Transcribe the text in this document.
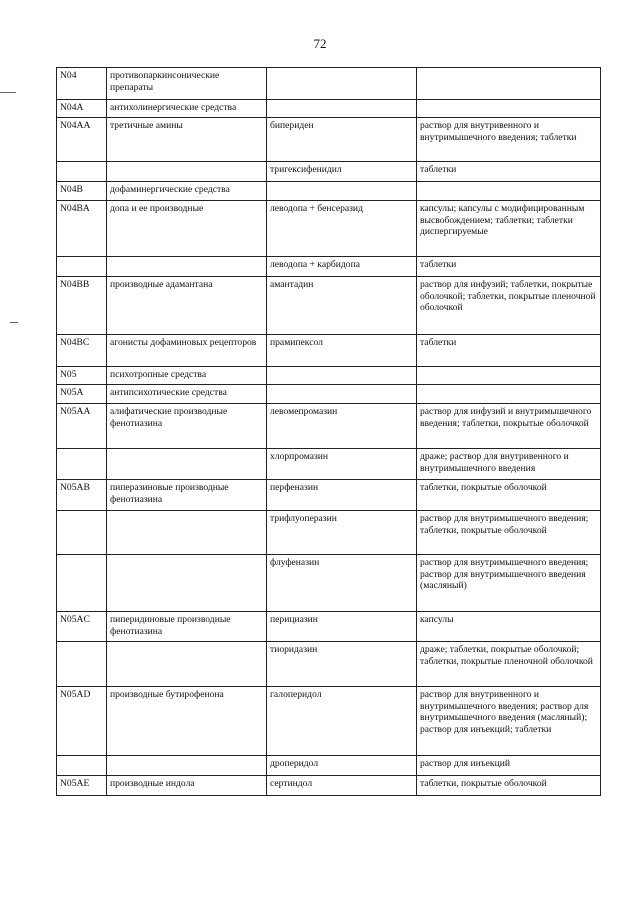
72
N04	противопаркинсонические препараты		
N04A	антихолинергические средства		
N04AA	третичные амины	бипериден	раствор для внутривенного и внутримышечного введения; таблетки
		тригексифенидил	таблетки
N04B	дофаминергические средства		
N04BA	допа и ее производные	леводопа + бенсеразид	капсулы; капсулы с модифицированным высвобождением; таблетки; таблетки диспергируемые
		леводопа + карбидопа	таблетки
N04BB	производные адамантана	амантадин	раствор для инфузий; таблетки, покрытые оболочкой; таблетки, покрытые пленочной оболочкой
N04BC	агонисты дофаминовых рецепторов	прамипексол	таблетки
N05	психотропные средства		
N05A	антипсихотические средства		
N05AA	алифатические производные фенотиазина	левомепромазин	раствор для инфузий и внутримышечного введения; таблетки, покрытые оболочкой
		хлорпромазин	драже; раствор для внутривенного и внутримышечного введения
N05AB	пиперазиновые производные фенотиазина	перфеназин	таблетки, покрытые оболочкой
		трифлуоперазин	раствор для внутримышечного введения; таблетки, покрытые оболочкой
		флуфеназин	раствор для внутримышечного введения; раствор для внутримышечного введения (масляный)
N05AC	пиперидиновые производные фенотиазина	перициазин	капсулы
		тиоридазин	драже; таблетки, покрытые оболочкой; таблетки, покрытые пленочной оболочкой
N05AD	производные бутирофенона	галоперидол	раствор для внутривенного и внутримышечного введения; раствор для внутримышечного введения (масляный); раствор для инъекций; таблетки
		дроперидол	раствор для инъекций
N05AE	производные индола	сертиндол	таблетки, покрытые оболочкой
